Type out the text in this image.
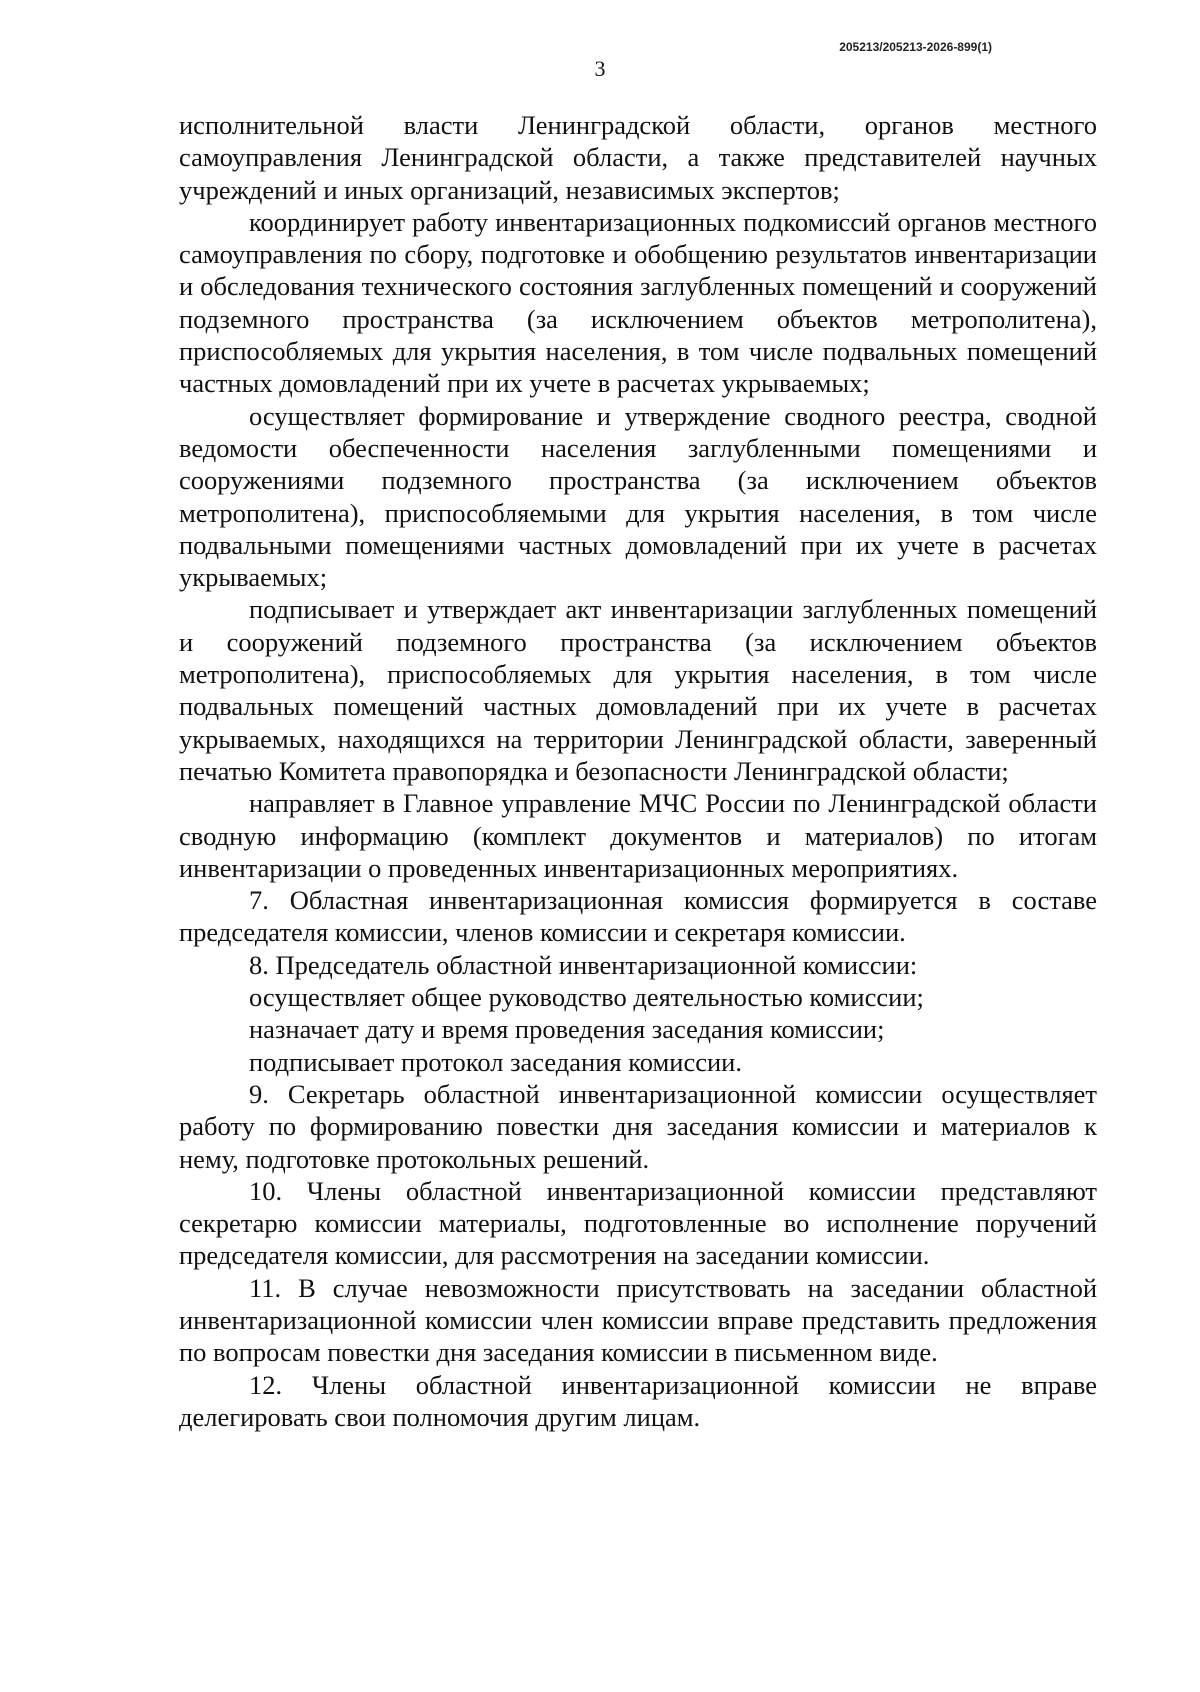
205213/205213-2026-899(1)
3

исполнительной власти Ленинградской области, органов местного самоуправления Ленинградской области, а также представителей научных учреждений и иных организаций, независимых экспертов;

координирует работу инвентаризационных подкомиссий органов местного самоуправления по сбору, подготовке и обобщению результатов инвентаризации и обследования технического состояния заглубленных помещений и сооружений подземного пространства (за исключением объектов метрополитена), приспособляемых для укрытия населения, в том числе подвальных помещений частных домовладений при их учете в расчетах укрываемых;

осуществляет формирование и утверждение сводного реестра, сводной ведомости обеспеченности населения заглубленными помещениями и сооружениями подземного пространства (за исключением объектов метрополитена), приспособляемыми для укрытия населения, в том числе подвальными помещениями частных домовладений при их учете в расчетах укрываемых;

подписывает и утверждает акт инвентаризации заглубленных помещений и сооружений подземного пространства (за исключением объектов метрополитена), приспособляемых для укрытия населения, в том числе подвальных помещений частных домовладений при их учете в расчетах укрываемых, находящихся на территории Ленинградской области, заверенный печатью Комитета правопорядка и безопасности Ленинградской области;

направляет в Главное управление МЧС России по Ленинградской области сводную информацию (комплект документов и материалов) по итогам инвентаризации о проведенных инвентаризационных мероприятиях.

7. Областная инвентаризационная комиссия формируется в составе председателя комиссии, членов комиссии и секретаря комиссии.

8. Председатель областной инвентаризационной комиссии:

осуществляет общее руководство деятельностью комиссии;

назначает дату и время проведения заседания комиссии;

подписывает протокол заседания комиссии.

9. Секретарь областной инвентаризационной комиссии осуществляет работу по формированию повестки дня заседания комиссии и материалов к нему, подготовке протокольных решений.

10. Члены областной инвентаризационной комиссии представляют секретарю комиссии материалы, подготовленные во исполнение поручений председателя комиссии, для рассмотрения на заседании комиссии.

11. В случае невозможности присутствовать на заседании областной инвентаризационной комиссии член комиссии вправе представить предложения по вопросам повестки дня заседания комиссии в письменном виде.

12. Члены областной инвентаризационной комиссии не вправе делегировать свои полномочия другим лицам.
